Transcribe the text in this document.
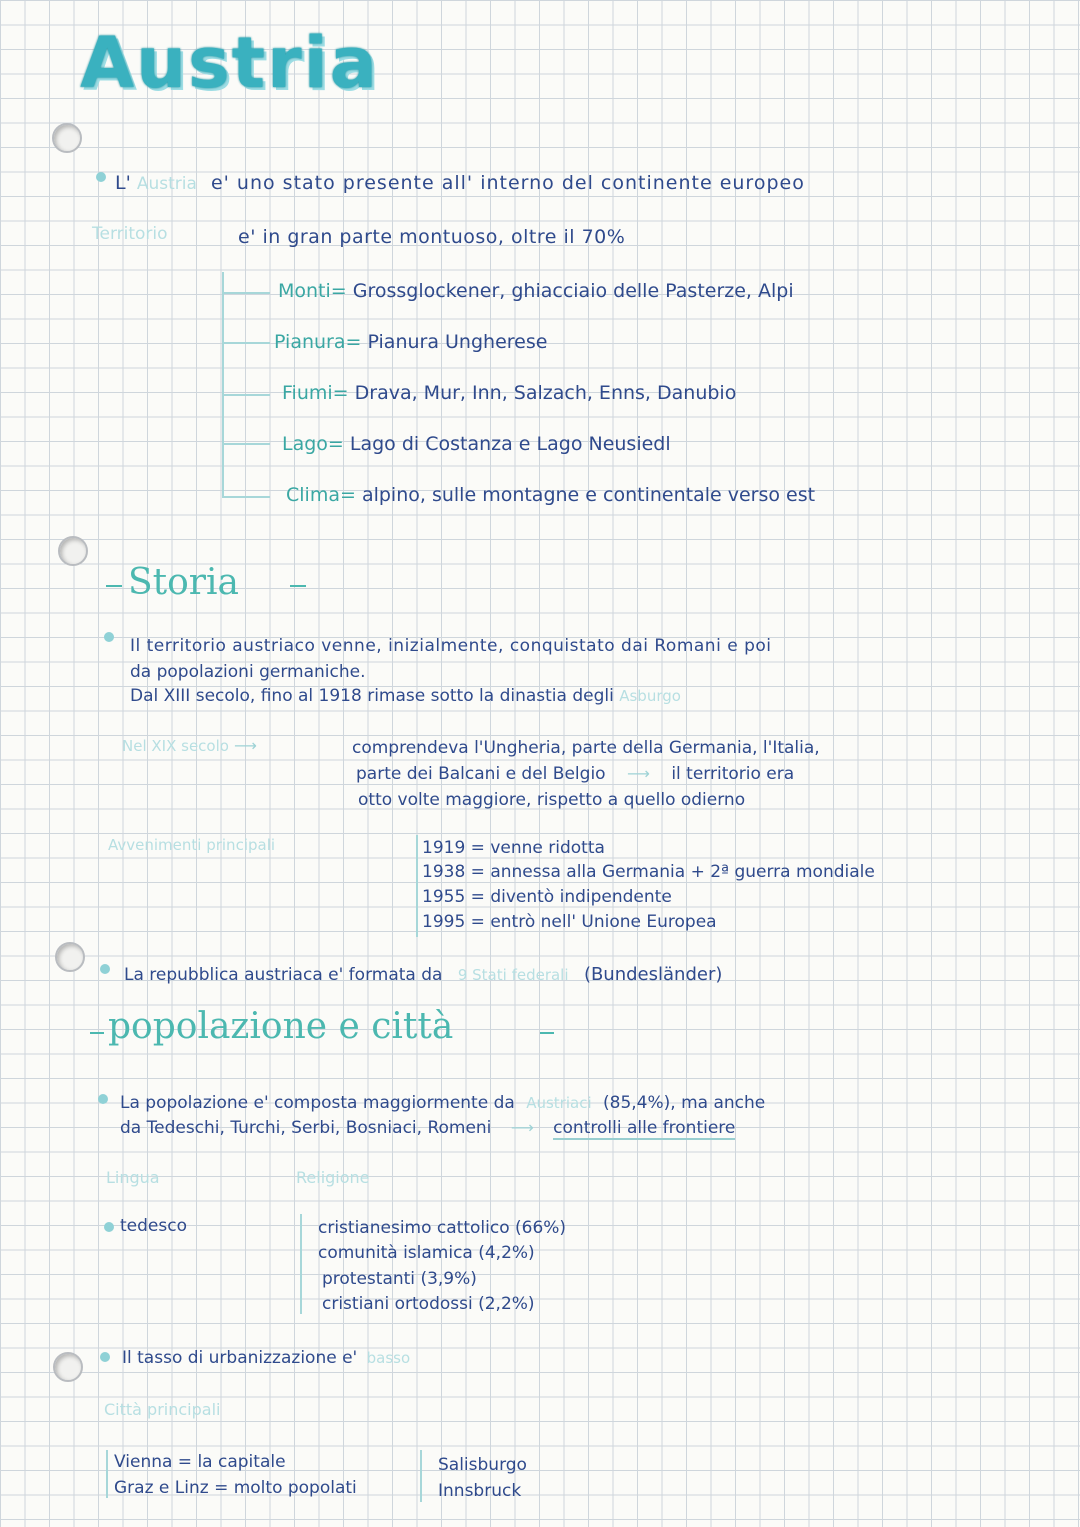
Austria
L' Austria e' uno stato presente all' interno del continente europeo
Territorio	e' in gran parte montuoso, oltre il 70%
Monti= Grossglockener, ghiacciaio delle Pasterze, Alpi
Pianura= Pianura Ungherese
Fiumi= Drava, Mur, Inn, Salzach, Enns, Danubio
Lago= Lago di Costanza e Lago Neusiedl
Clima= alpino, sulle montagne e continentale verso est
Storia
Il territorio austriaco venne, inizialmente, conquistato dai Romani e poi
da popolazioni germaniche.
Dal XIII secolo, fino al 1918 rimase sotto la dinastia degli Asburgo
Nel XIX secolo ⟶	comprendeva l'Ungheria, parte della Germania, l'Italia,
parte dei Balcani e del Belgio ⟶ il territorio era
otto volte maggiore, rispetto a quello odierno
Avvenimenti principali	1919 = venne ridotta
1938 = annessa alla Germania + 2ª guerra mondiale
1955 = diventò indipendente
1995 = entrò nell' Unione Europea
La repubblica austriaca e' formata da 9 Stati federali (Bundesländer)
popolazione e città
La popolazione e' composta maggiormente da Austriaci (85,4%), ma anche
da Tedeschi, Turchi, Serbi, Bosniaci, Romeni ⟶ controlli alle frontiere
Lingua	Religione
tedesco	cristianesimo cattolico (66%)
comunità islamica (4,2%)
protestanti (3,9%)
cristiani ortodossi (2,2%)
Il tasso di urbanizzazione e' basso
Città principali
Vienna = la capitale
Graz e Linz = molto popolati
Salisburgo
Innsbruck
